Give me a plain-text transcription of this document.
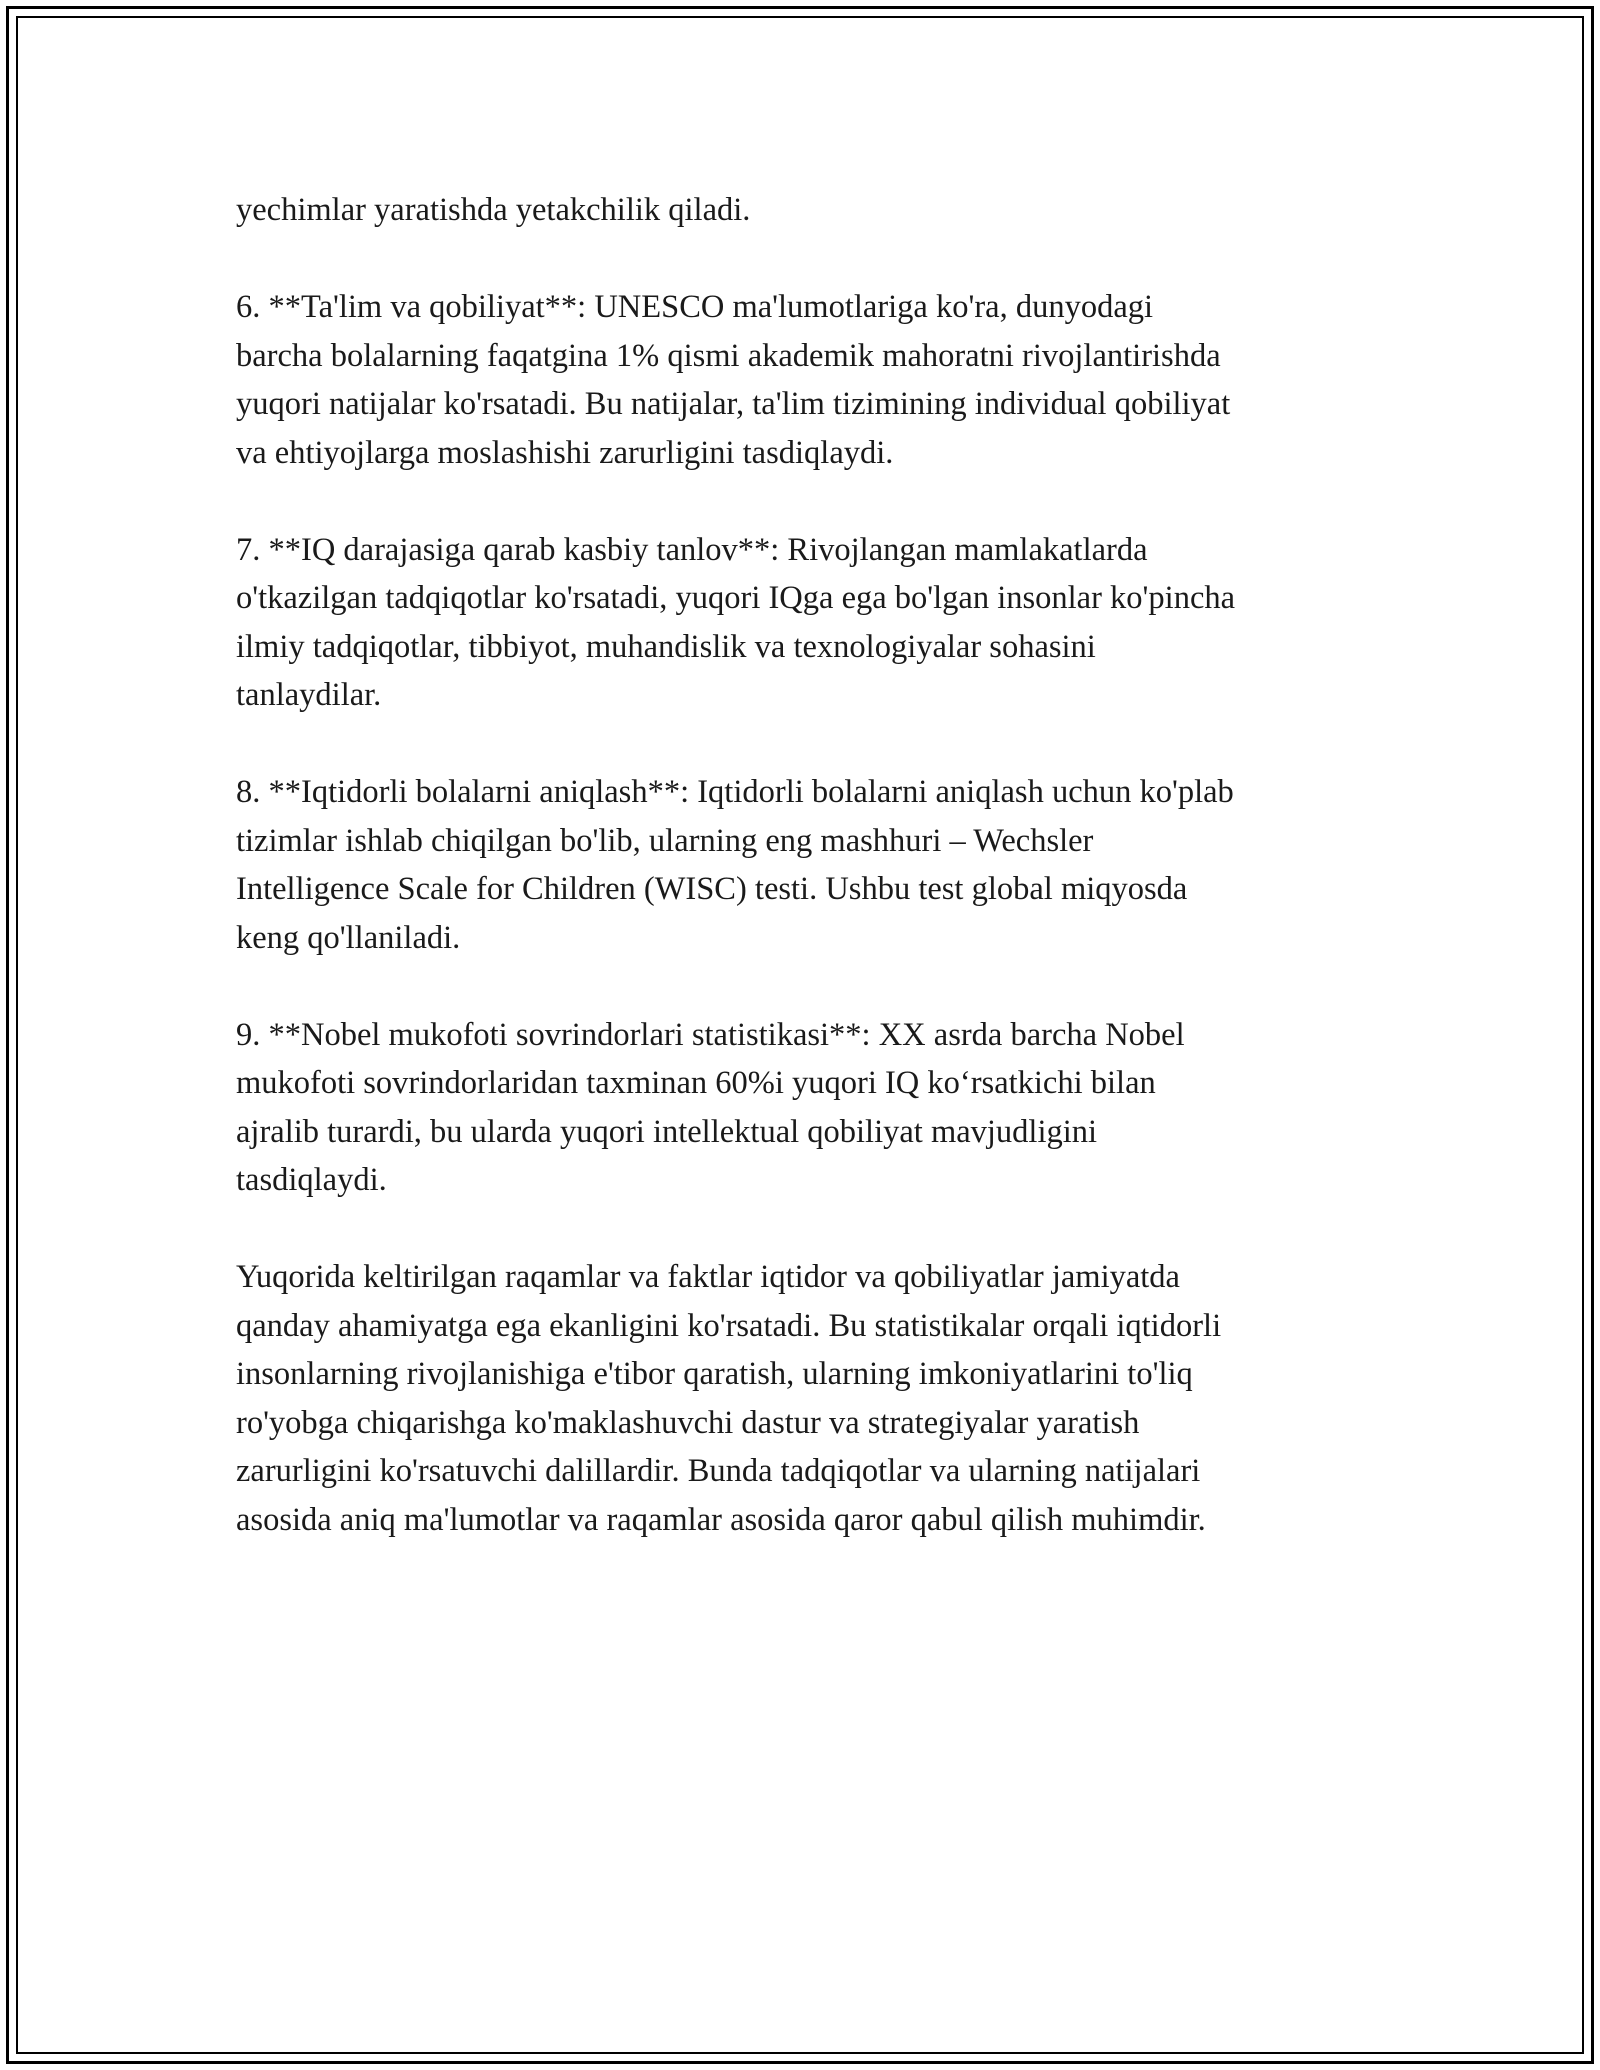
yechimlar yaratishda yetakchilik qiladi.

6. **Ta'lim va qobiliyat**: UNESCO ma'lumotlariga ko'ra, dunyodagi
barcha bolalarning faqatgina 1% qismi akademik mahoratni rivojlantirishda
yuqori natijalar ko'rsatadi. Bu natijalar, ta'lim tizimining individual qobiliyat
va ehtiyojlarga moslashishi zarurligini tasdiqlaydi.

7. **IQ darajasiga qarab kasbiy tanlov**: Rivojlangan mamlakatlarda
o'tkazilgan tadqiqotlar ko'rsatadi, yuqori IQga ega bo'lgan insonlar ko'pincha
ilmiy tadqiqotlar, tibbiyot, muhandislik va texnologiyalar sohasini
tanlaydilar.

8. **Iqtidorli bolalarni aniqlash**: Iqtidorli bolalarni aniqlash uchun ko'plab
tizimlar ishlab chiqilgan bo'lib, ularning eng mashhuri – Wechsler
Intelligence Scale for Children (WISC) testi. Ushbu test global miqyosda
keng qo'llaniladi.

9. **Nobel mukofoti sovrindorlari statistikasi**: XX asrda barcha Nobel
mukofoti sovrindorlaridan taxminan 60%i yuqori IQ ko‘rsatkichi bilan
ajralib turardi, bu ularda yuqori intellektual qobiliyat mavjudligini
tasdiqlaydi.

Yuqorida keltirilgan raqamlar va faktlar iqtidor va qobiliyatlar jamiyatda
qanday ahamiyatga ega ekanligini ko'rsatadi. Bu statistikalar orqali iqtidorli
insonlarning rivojlanishiga e'tibor qaratish, ularning imkoniyatlarini to'liq
ro'yobga chiqarishga ko'maklashuvchi dastur va strategiyalar yaratish
zarurligini ko'rsatuvchi dalillardir. Bunda tadqiqotlar va ularning natijalari
asosida aniq ma'lumotlar va raqamlar asosida qaror qabul qilish muhimdir.
